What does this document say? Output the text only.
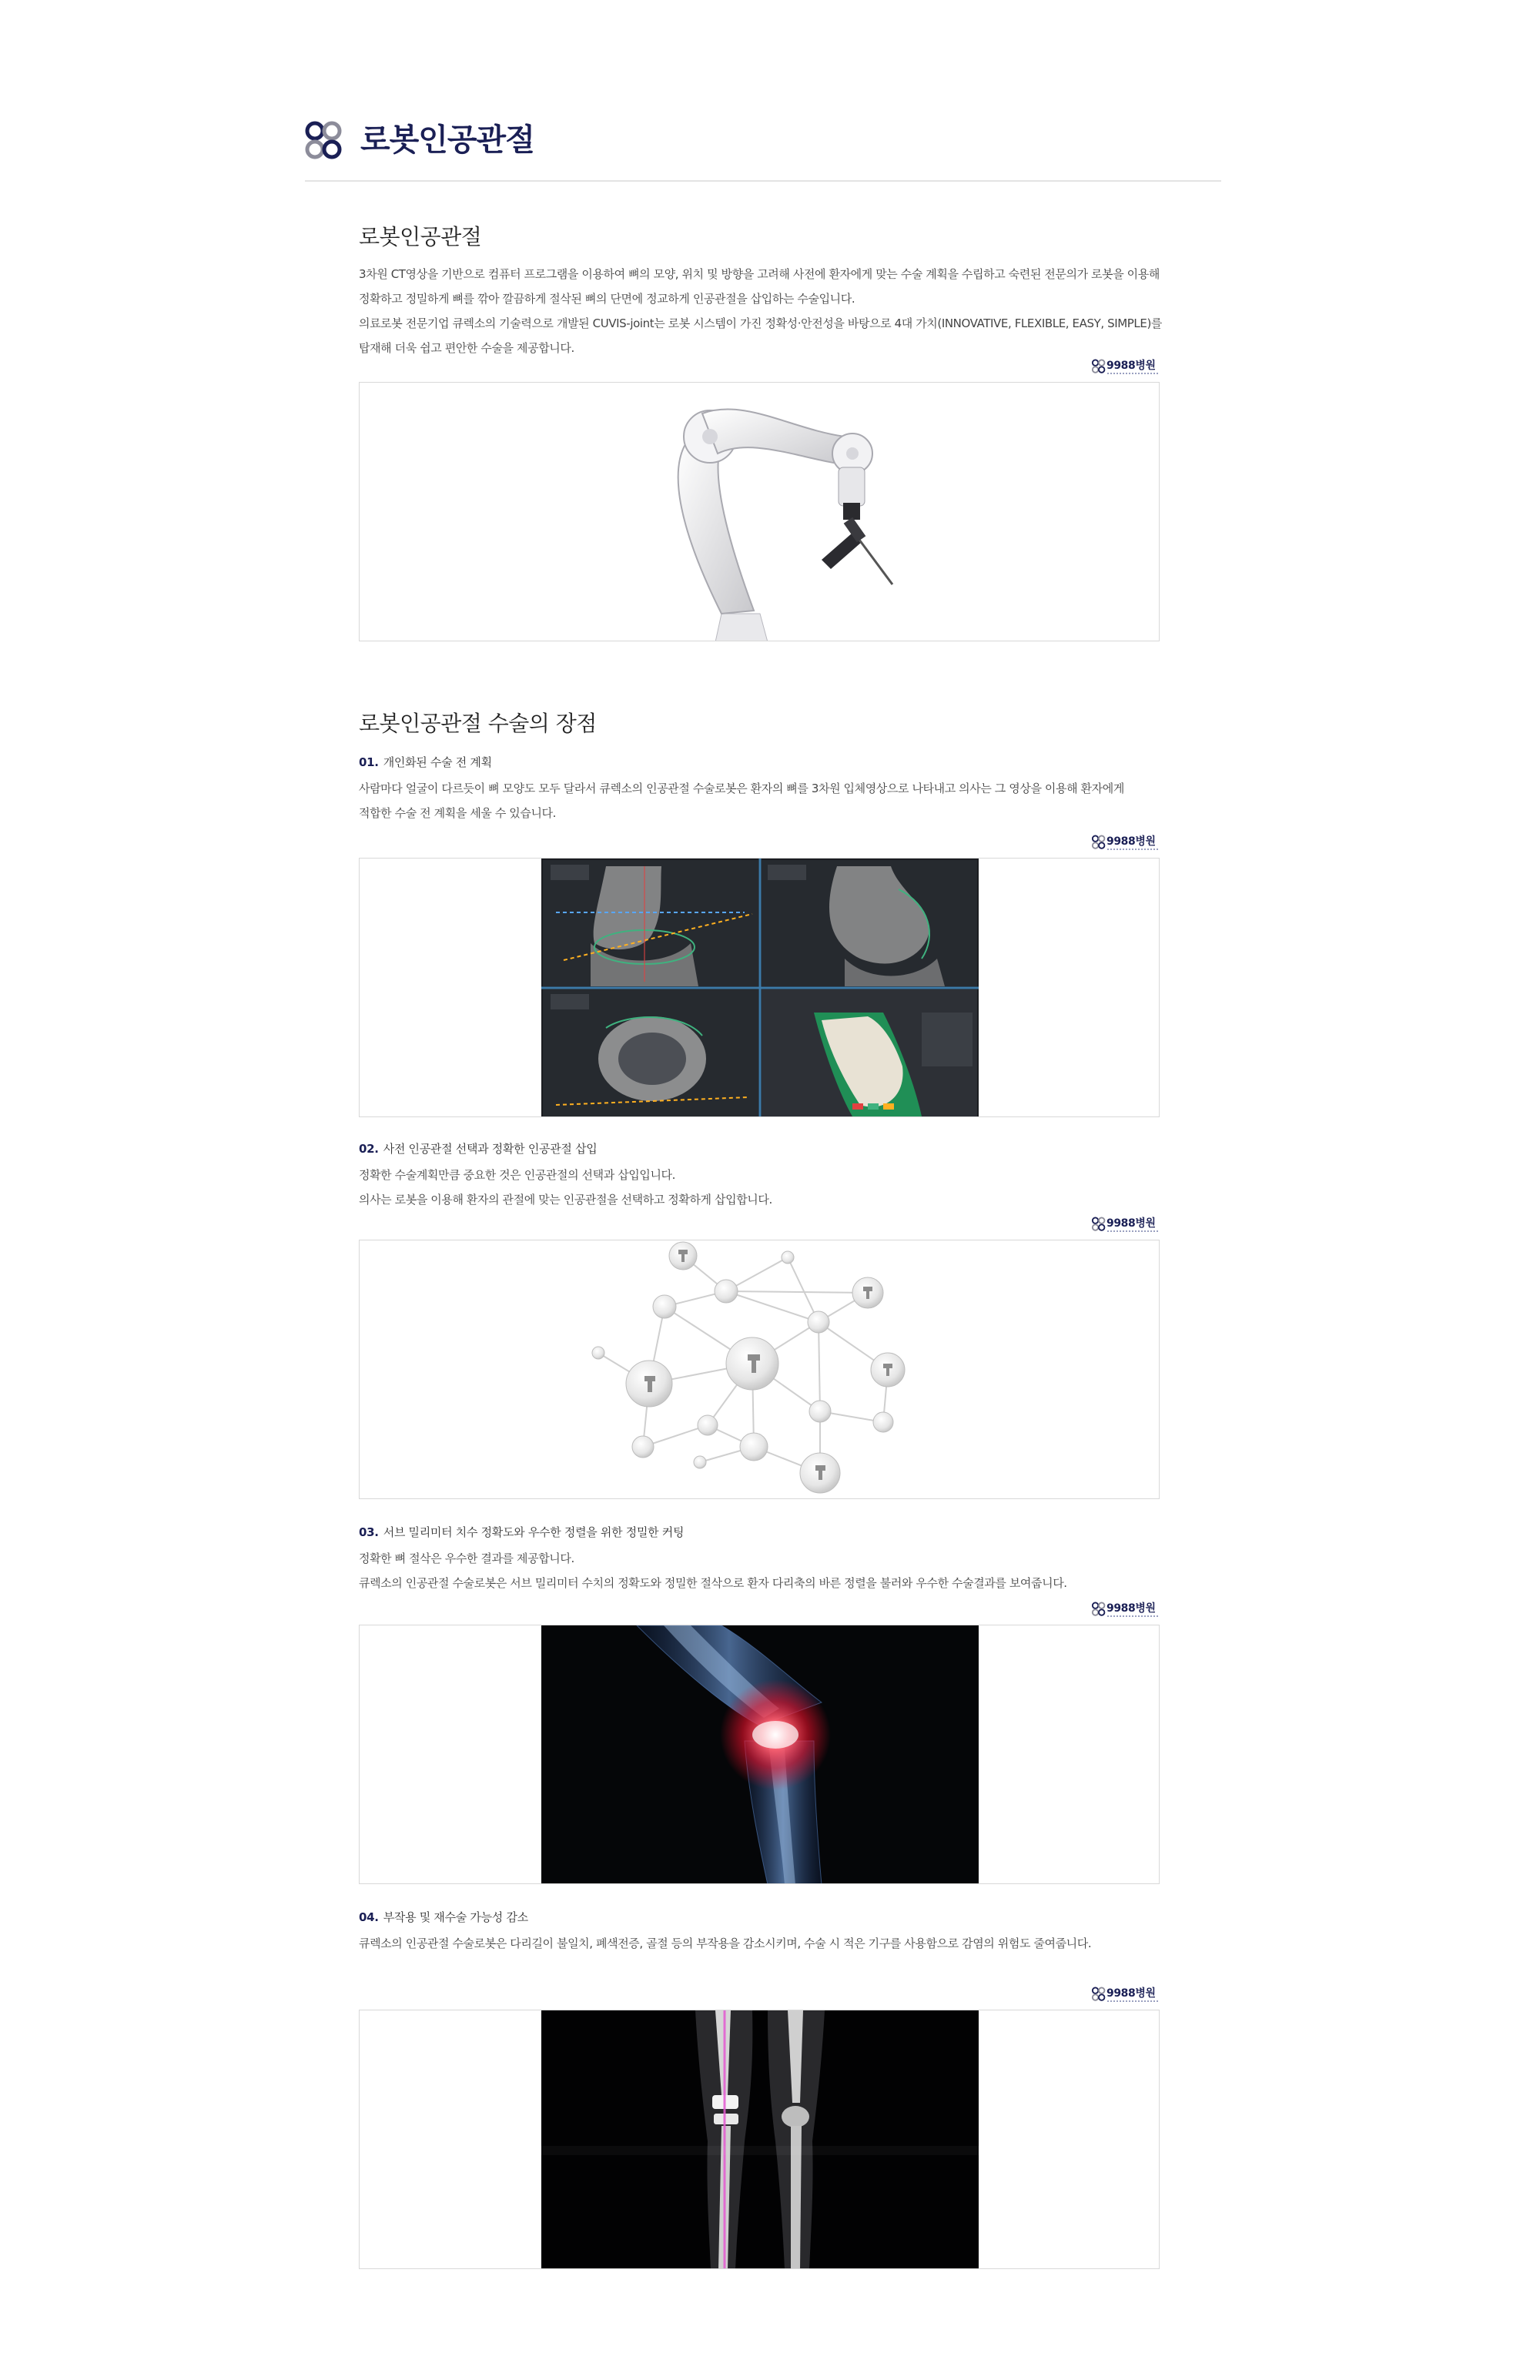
로봇인공관절
로봇인공관절

3차원 CT영상을 기반으로 컴퓨터 프로그램을 이용하여 뼈의 모양, 위치 및 방향을 고려해 사전에 환자에게 맞는 수술 계획을 수립하고 숙련된 전문의가 로봇을 이용해

정확하고 정밀하게 뼈를 깎아 깔끔하게 절삭된 뼈의 단면에 정교하게 인공관절을 삽입하는 수술입니다.

의료로봇 전문기업 큐렉소의 기술력으로 개발된 CUVIS-joint는 로봇 시스템이 가진 정확성·안전성을 바탕으로 4대 가치(INNOVATIVE, FLEXIBLE, EASY, SIMPLE)를

탑재해 더욱 쉽고 편안한 수술을 제공합니다.

9988병원
로봇인공관절 수술의 장점
01. 개인화된 수술 전 계획

사람마다 얼굴이 다르듯이 뼈 모양도 모두 달라서 큐렉소의 인공관절 수술로봇은 환자의 뼈를 3차원 입체영상으로 나타내고 의사는 그 영상을 이용해 환자에게

적합한 수술 전 계획을 세울 수 있습니다.

9988병원
02. 사전 인공관절 선택과 정확한 인공관절 삽입

정확한 수술계획만큼 중요한 것은 인공관절의 선택과 삽입입니다.

의사는 로봇을 이용해 환자의 관절에 맞는 인공관절을 선택하고 정확하게 삽입합니다.

9988병원
03. 서브 밀리미터 치수 정확도와 우수한 정렬을 위한 정밀한 커팅

정확한 뼈 절삭은 우수한 결과를 제공합니다.

큐렉소의 인공관절 수술로봇은 서브 밀리미터 수치의 정확도와 정밀한 절삭으로 환자 다리축의 바른 정렬을 불러와 우수한 수술결과를 보여줍니다.

9988병원
04. 부작용 및 재수술 가능성 감소

큐렉소의 인공관절 수술로봇은 다리길이 불일치, 폐색전증, 골절 등의 부작용을 감소시키며, 수술 시 적은 기구를 사용함으로 감염의 위험도 줄여줍니다.

9988병원
